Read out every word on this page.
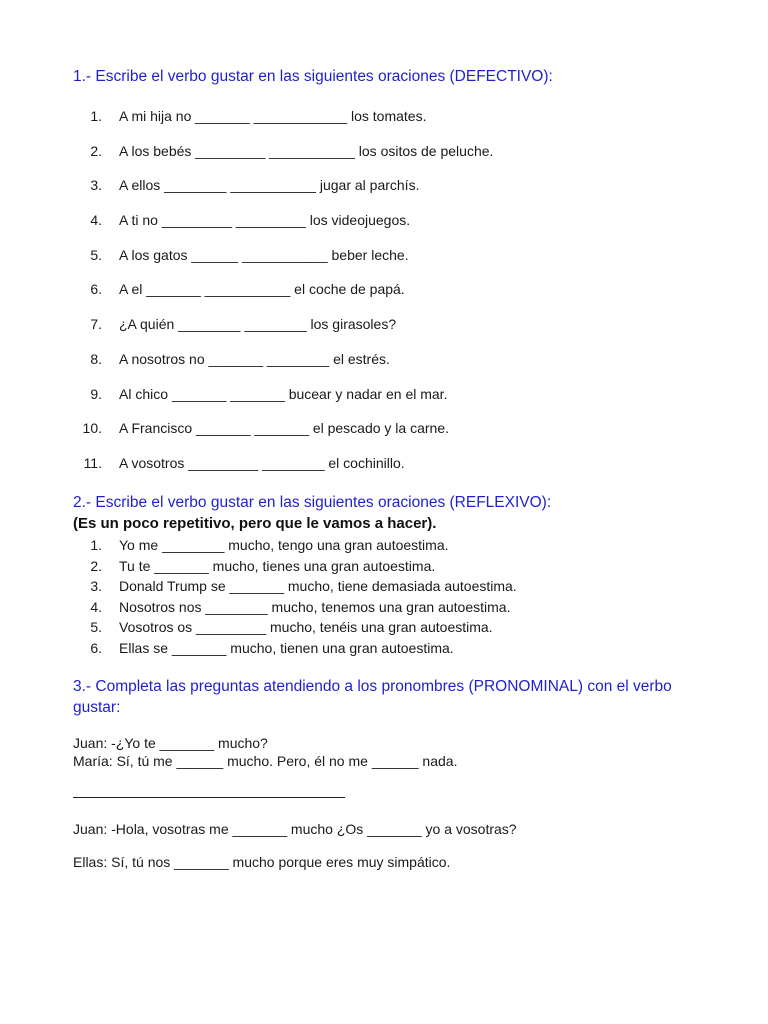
1.- Escribe el verbo gustar en las siguientes oraciones (DEFECTIVO):
1. A mi hija no _______ ____________ los tomates.
2. A los bebés _________ ___________ los ositos de peluche.
3. A ellos ________ ___________ jugar al parchís.
4. A ti no _________ _________ los videojuegos.
5. A los gatos ______ ___________ beber leche.
6. A el _______ ___________ el coche de papá.
7. ¿A quién ________ ________ los girasoles?
8. A nosotros no _______ ________ el estrés.
9. Al chico _______ _______ bucear y nadar en el mar.
10. A Francisco _______ _______ el pescado y la carne.
11. A vosotros _________ ________ el cochinillo.
2.- Escribe el verbo gustar en las siguientes oraciones (REFLEXIVO):

(Es un poco repetitivo, pero que le vamos a hacer).

1. Yo me ________ mucho, tengo una gran autoestima.
2. Tu te _______ mucho, tienes una gran autoestima.
3. Donald Trump se _______ mucho, tiene demasiada autoestima.
4. Nosotros nos ________ mucho, tenemos una gran autoestima.
5. Vosotros os _________ mucho, tenéis una gran autoestima.
6. Ellas se _______ mucho, tienen una gran autoestima.
3.- Completa las preguntas atendiendo a los pronombres (PRONOMINAL) con el verbo gustar:

Juan: -¿Yo te _______ mucho?

María: Sí, tú me ______ mucho. Pero, él no me ______ nada.

Juan: -Hola, vosotras me _______ mucho ¿Os _______ yo a vosotras?

Ellas: Sí, tú nos _______ mucho porque eres muy simpático.
